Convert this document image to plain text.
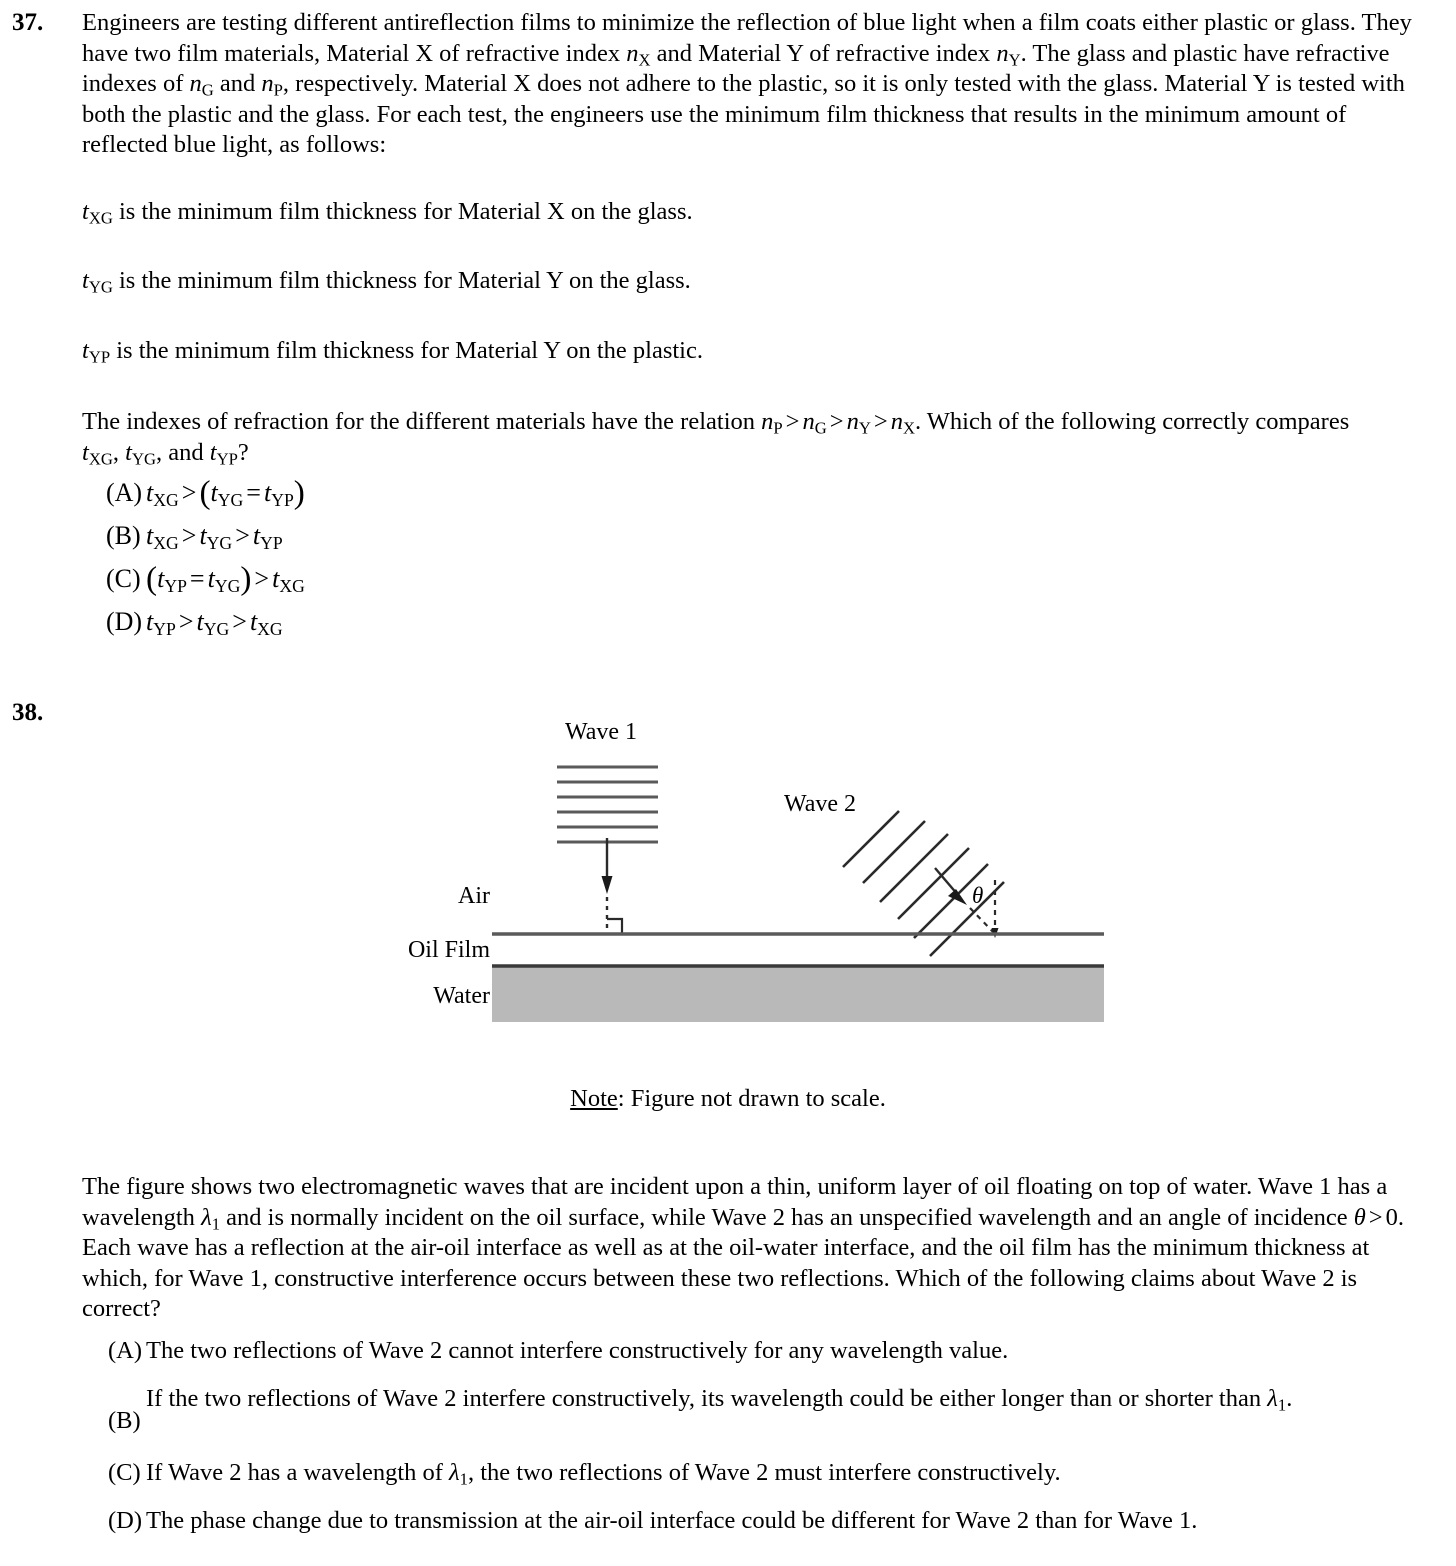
37. Engineers are testing different antireflection films to minimize the reflection of blue light when a film coats either plastic or glass. They have two film materials, Material X of refractive index $n_X$ and Material Y of refractive index $n_Y$. The glass and plastic have refractive indexes of $n_G$ and $n_P$, respectively. Material X does not adhere to the plastic, so it is only tested with the glass. Material Y is tested with both the plastic and the glass. For each test, the engineers use the minimum film thickness that results in the minimum amount of reflected blue light, as follows:

$t_{XG}$ is the minimum film thickness for Material X on the glass.
$t_{YG}$ is the minimum film thickness for Material Y on the glass.
$t_{YP}$ is the minimum film thickness for Material Y on the plastic.
The indexes of refraction for the different materials have the relation $n_P > n_G > n_Y > n_X$. Which of the following correctly compares $t_{XG}$, $t_{YG}$, and $t_{YP}$?
(A) $t_{XG} >(t_{YG} = t_{YP})$
(B) $t_{XG} > t_{YG} > t_{YP}$
(C) $(t_{YP} = t_{YG}) > t_{XG}$
(D) $t_{YP} > t_{YG} > t_{XG}$
38.
Wave 1
Wave 2
θ
Air
Oil Film
Water
Note: Figure not drawn to scale.

The figure shows two electromagnetic waves that are incident upon a thin, uniform layer of oil floating on top of water. Wave 1 has a wavelength $\lambda_1$ and is normally incident on the oil surface, while Wave 2 has an unspecified wavelength and an angle of incidence θ > 0. Each wave has a reflection at the air-oil interface as well as at the oil-water interface, and the oil film has the minimum thickness at which, for Wave 1, constructive interference occurs between these two reflections. Which of the following claims about Wave 2 is correct?

(A) The two reflections of Wave 2 cannot interfere constructively for any wavelength value.
(B)
If the two reflections of Wave 2 interfere constructively, its wavelength could be either longer than or shorter than $\lambda_1$.
(C) If Wave 2 has a wavelength of $\lambda_1$, the two reflections of Wave 2 must interfere constructively.
(D) The phase change due to transmission at the air-oil interface could be different for Wave 2 than for Wave 1.
